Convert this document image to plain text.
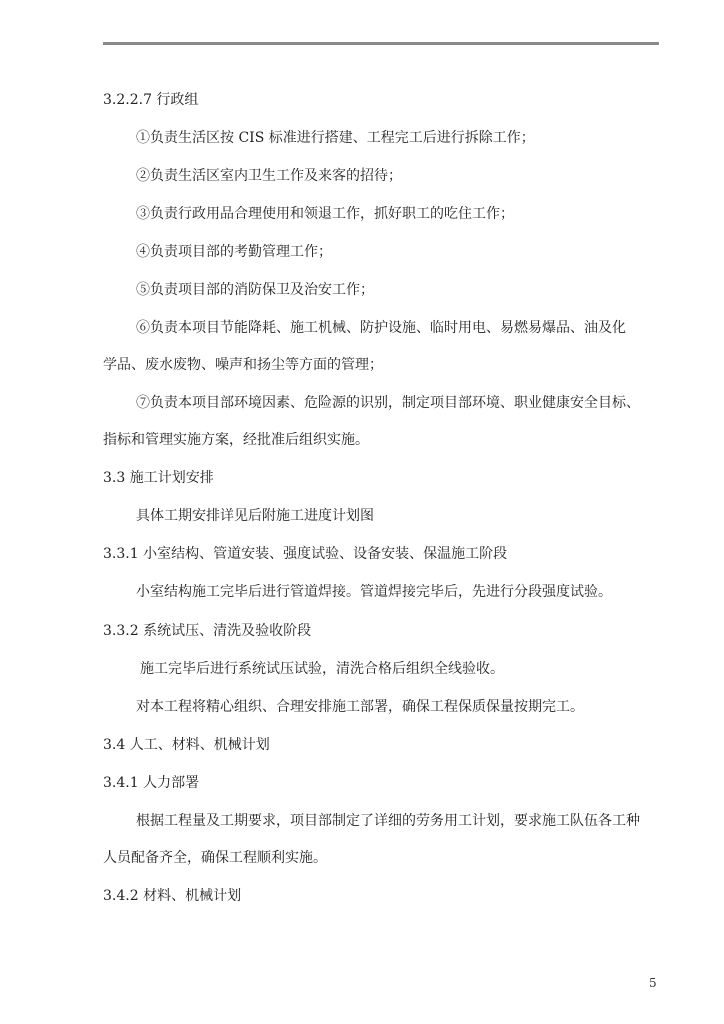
3.2.2.7 行政组
①负责生活区按 CIS 标准进行搭建、工程完工后进行拆除工作；
②负责生活区室内卫生工作及来客的招待；
③负责行政用品合理使用和领退工作，抓好职工的吃住工作；
④负责项目部的考勤管理工作；
⑤负责项目部的消防保卫及治安工作；
⑥负责本项目节能降耗、施工机械、防护设施、临时用电、易燃易爆品、油及化
学品、废水废物、噪声和扬尘等方面的管理；
⑦负责本项目部环境因素、危险源的识别，制定项目部环境、职业健康安全目标、
指标和管理实施方案，经批准后组织实施。
3.3 施工计划安排
具体工期安排详见后附施工进度计划图
3.3.1 小室结构、管道安装、强度试验、设备安装、保温施工阶段
小室结构施工完毕后进行管道焊接。管道焊接完毕后，先进行分段强度试验。
3.3.2 系统试压、清洗及验收阶段
施工完毕后进行系统试压试验，清洗合格后组织全线验收。
对本工程将精心组织、合理安排施工部署，确保工程保质保量按期完工。
3.4 人工、材料、机械计划
3.4.1 人力部署
根据工程量及工期要求，项目部制定了详细的劳务用工计划，要求施工队伍各工种
人员配备齐全，确保工程顺利实施。
3.4.2 材料、机械计划
5
